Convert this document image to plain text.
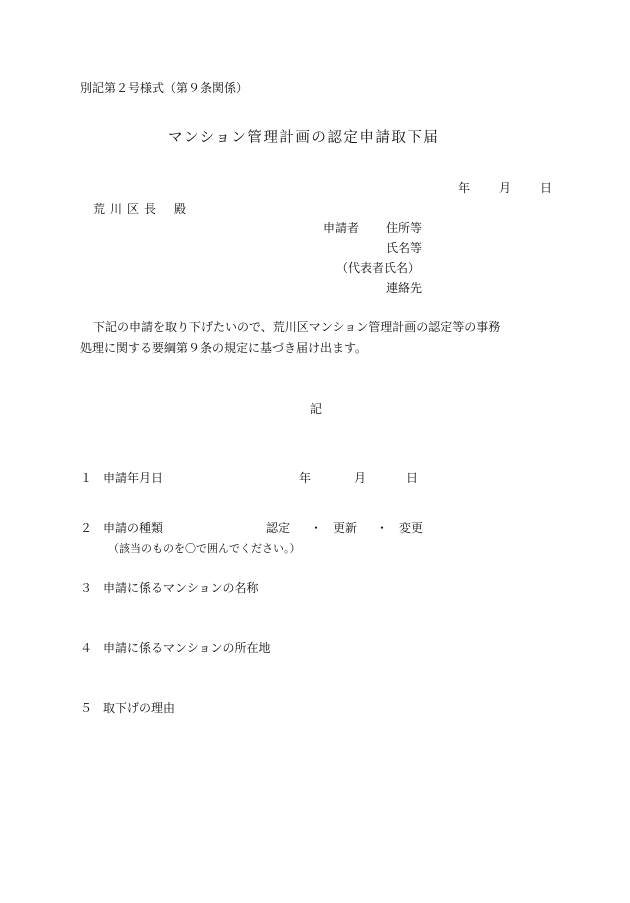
別記第２号様式（第９条関係）
マンション管理計画の認定申請取下届
年 月 日
荒川区長 殿
申請者 住所等
氏名等
（代表者氏名）
連絡先
下記の申請を取り下げたいので、荒川区マンション管理計画の認定等の事務
処理に関する要綱第９条の規定に基づき届け出ます。
記
１ 申請年月日	年	月	日
２ 申請の種類	認定 ・ 更新 ・ 変更
（該当のものを〇で囲んでください。）
３ 申請に係るマンションの名称
４ 申請に係るマンションの所在地
５ 取下げの理由
